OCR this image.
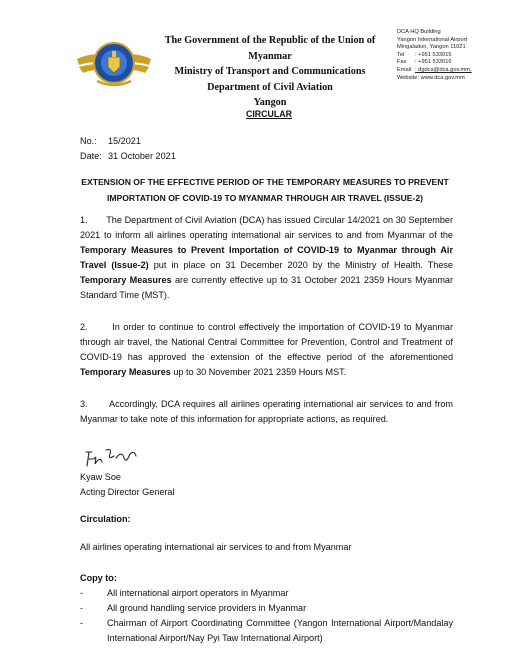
The Government of the Republic of the Union of Myanmar
Ministry of Transport and Communications
Department of Civil Aviation
Yangon
DCA HQ Building
Yangon International Airport
Mingaladon, Yangon 11021
Tel	: +951 533015
Fax	: +951 533016
Email : dgdca@dca.gov.mm,
Website: www.dca.gov.mm
CIRCULAR
No.: 15/2021
Date: 31 October 2021
EXTENSION OF THE EFFECTIVE PERIOD OF THE TEMPORARY MEASURES TO PREVENT
IMPORTATION OF COVID-19 TO MYANMAR THROUGH AIR TRAVEL (ISSUE-2)
1.       The Department of Civil Aviation (DCA) has issued Circular 14/2021 on 30 September 2021 to inform all airlines operating international air services to and from Myanmar of the Temporary Measures to Prevent Importation of COVID-19 to Myanmar through Air Travel (Issue-2) put in place on 31 December 2020 by the Ministry of Health. These Temporary Measures are currently effective up to 31 October 2021 2359 Hours Myanmar Standard Time (MST).
2.       In order to continue to control effectively the importation of COVID-19 to Myanmar through air travel, the National Central Committee for Prevention, Control and Treatment of COVID-19 has approved the extension of the effective period of the aforementioned Temporary Measures up to 30 November 2021 2359 Hours MST.
3.       Accordingly, DCA requires all airlines operating international air services to and from Myanmar to take note of this information for appropriate actions, as required.
Kyaw Soe
Acting Director General
Circulation:
All airlines operating international air services to and from Myanmar
Copy to:
-	All international airport operators in Myanmar
-	All ground handling service providers in Myanmar
-	Chairman of Airport Coordinating Committee (Yangon International Airport/Mandalay International Airport/Nay Pyi Taw International Airport)
